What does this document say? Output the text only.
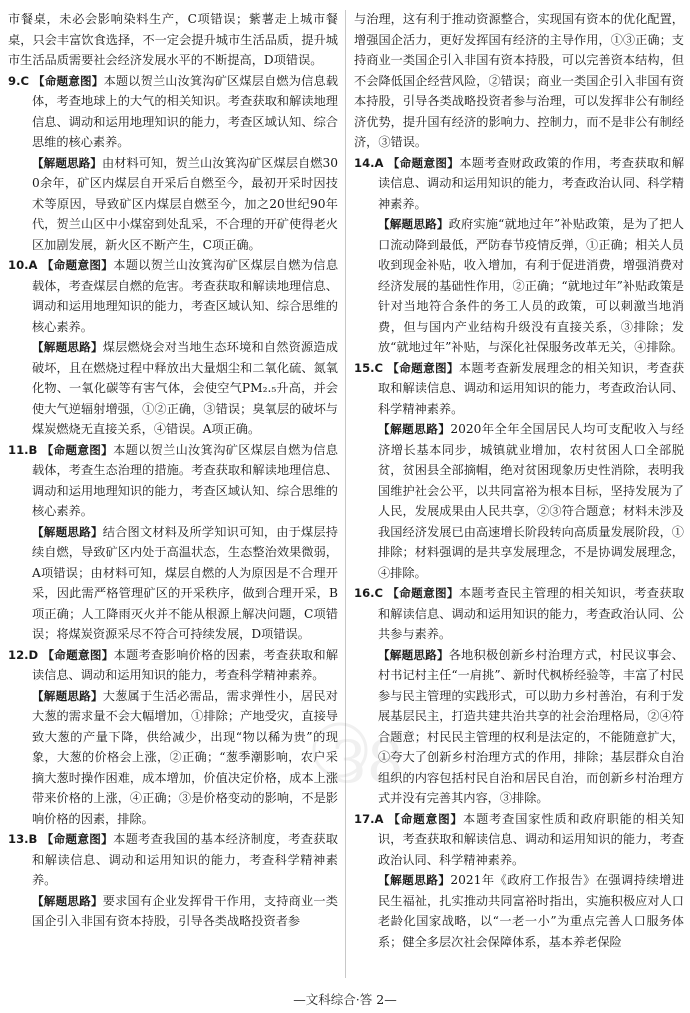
市餐桌，未必会影响染料生产，C项错误；紫薯走上城市餐桌，只会丰富饮食选择，不一定会提升城市生活品质，提升城市生活品质需要社会经济发展水平的不断提高，D项错误。

9.C 【命题意图】本题以贺兰山汝箕沟矿区煤层自燃为信息载体，考查地球上的大气的相关知识。考查获取和解读地理信息、调动和运用地理知识的能力，考查区域认知、综合思维的核心素养。

【解题思路】由材料可知，贺兰山汝箕沟矿区煤层自燃300余年，矿区内煤层自开采后自燃至今，最初开采时因技术等原因，导致矿区内煤层自燃至今，加之20世纪90年代，贺兰山区中小煤窑到处乱采，不合理的开矿使得老火区加剧发展，新火区不断产生，C项正确。

10.A 【命题意图】本题以贺兰山汝箕沟矿区煤层自燃为信息载体，考查煤层自燃的危害。考查获取和解读地理信息、调动和运用地理知识的能力，考查区域认知、综合思维的核心素养。

【解题思路】煤层燃烧会对当地生态环境和自然资源造成破坏，且在燃烧过程中释放出大量烟尘和二氧化硫、氮氧化物、一氧化碳等有害气体，会使空气PM₂.₅升高，并会使大气逆辐射增强，①②正确，③错误；臭氧层的破坏与煤炭燃烧无直接关系，④错误。A项正确。

11.B 【命题意图】本题以贺兰山汝箕沟矿区煤层自燃为信息载体，考查生态治理的措施。考查获取和解读地理信息、调动和运用地理知识的能力，考查区域认知、综合思维的核心素养。

【解题思路】结合图文材料及所学知识可知，由于煤层持续自燃，导致矿区内处于高温状态，生态整治效果微弱，A项错误；由材料可知，煤层自燃的人为原因是不合理开采，因此需严格管理矿区的开采秩序，做到合理开采，B项正确；人工降雨灭火并不能从根源上解决问题，C项错误；将煤炭资源采尽不符合可持续发展，D项错误。

12.D 【命题意图】本题考查影响价格的因素，考查获取和解读信息、调动和运用知识的能力，考查科学精神素养。

【解题思路】大葱属于生活必需品，需求弹性小，居民对大葱的需求量不会大幅增加，①排除；产地受灾，直接导致大葱的产量下降，供给减少，出现“物以稀为贵”的现象，大葱的价格会上涨，②正确；“葱季潮影响，农户采摘大葱时操作困难，成本增加，价值决定价格，成本上涨带来价格的上涨，④正确；③是价格变动的影响，不是影响价格的因素，排除。

13.B 【命题意图】本题考查我国的基本经济制度，考查获取和解读信息、调动和运用知识的能力，考查科学精神素养。

【解题思路】要求国有企业发挥骨干作用，支持商业一类国企引入非国有资本持股，引导各类战略投资者参

与治理，这有利于推动资源整合，实现国有资本的优化配置，增强国企活力，更好发挥国有经济的主导作用，①③正确；支持商业一类国企引入非国有资本持股，可以完善资本结构，但不会降低国企经营风险，②错误；商业一类国企引入非国有资本持股，引导各类战略投资者参与治理，可以发挥非公有制经济优势，提升国有经济的影响力、控制力，而不是非公有制经济，③错误。

14.A 【命题意图】本题考查财政政策的作用，考查获取和解读信息、调动和运用知识的能力，考查政治认同、科学精神素养。

【解题思路】政府实施“就地过年”补贴政策，是为了把人口流动降到最低，严防春节疫情反弹，①正确；相关人员收到现金补贴，收入增加，有利于促进消费，增强消费对经济发展的基础性作用，②正确；“就地过年”补贴政策是针对当地符合条件的务工人员的政策，可以刺激当地消费，但与国内产业结构升级没有直接关系，③排除；发放“就地过年”补贴，与深化社保服务改革无关，④排除。

15.C 【命题意图】本题考查新发展理念的相关知识，考查获取和解读信息、调动和运用知识的能力，考查政治认同、科学精神素养。

【解题思路】2020年全年全国居民人均可支配收入与经济增长基本同步，城镇就业增加，农村贫困人口全部脱贫，贫困县全部摘帽，绝对贫困现象历史性消除，表明我国维护社会公平，以共同富裕为根本目标，坚持发展为了人民，发展成果由人民共享，②③符合题意；材料未涉及我国经济发展已由高速增长阶段转向高质量发展阶段，①排除；材料强调的是共享发展理念，不是协调发展理念，④排除。

16.C 【命题意图】本题考查民主管理的相关知识，考查获取和解读信息、调动和运用知识的能力，考查政治认同、公共参与素养。

【解题思路】各地积极创新乡村治理方式，村民议事会、村书记村主任“一肩挑”、新时代枫桥经验等，丰富了村民参与民主管理的实践形式，可以助力乡村善治，有利于发展基层民主，打造共建共治共享的社会治理格局，②④符合题意；村民民主管理的权利是法定的，不能随意扩大，①夸大了创新乡村治理方式的作用，排除；基层群众自治组织的内容包括村民自治和居民自治，而创新乡村治理方式并没有完善其内容，③排除。

17.A 【命题意图】本题考查国家性质和政府职能的相关知识，考查获取和解读信息、调动和运用知识的能力，考查政治认同、科学精神素养。

【解题思路】2021年《政府工作报告》在强调持续增进民生福祉，扎实推动共同富裕时指出，实施积极应对人口老龄化国家战略，以“一老一小”为重点完善人口服务体系；健全多层次社会保障体系，基本养老保险

38
—文科综合·答 2—
